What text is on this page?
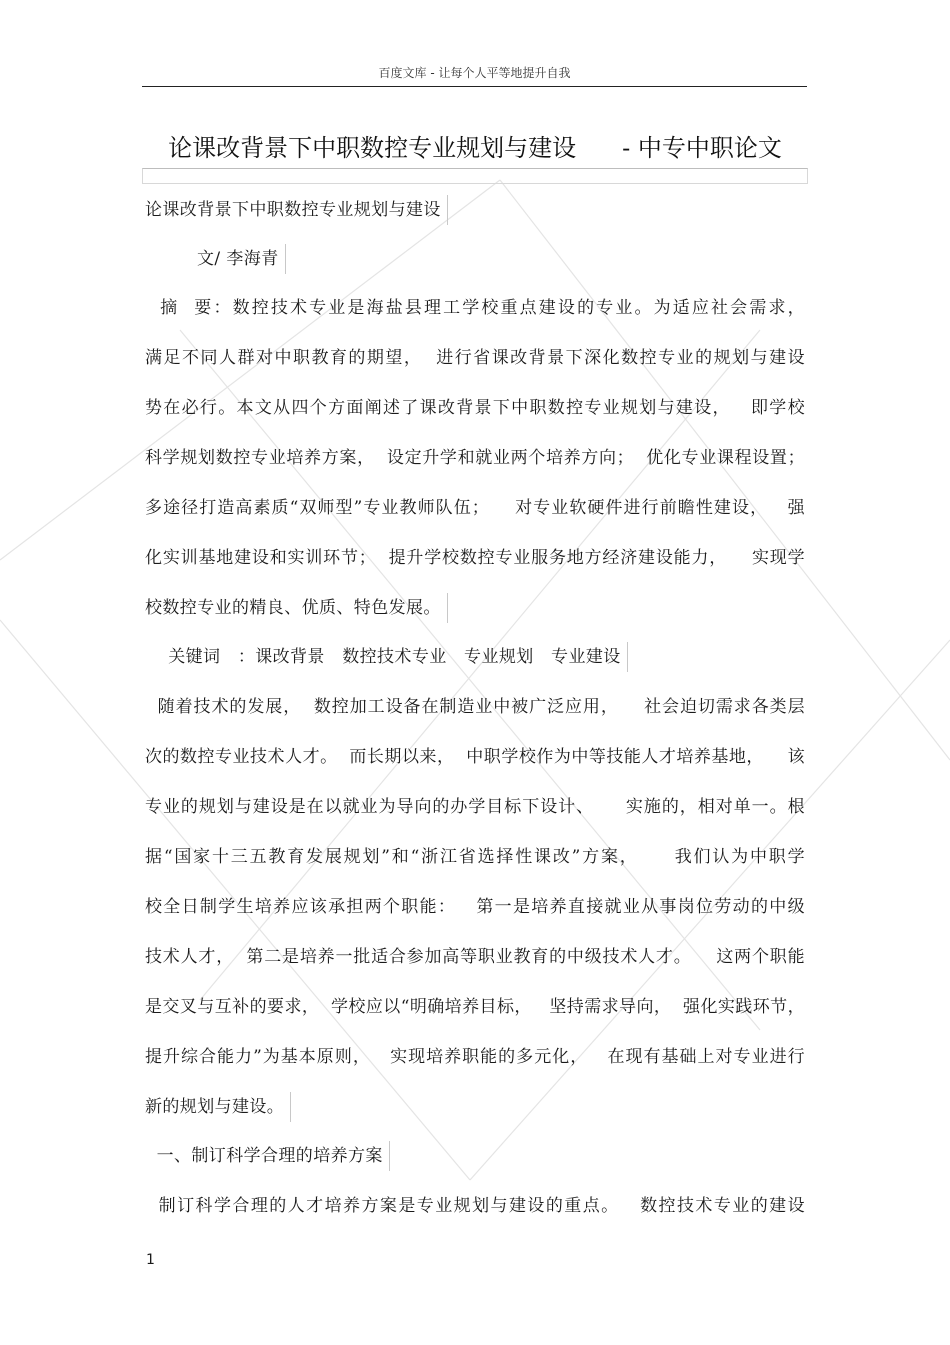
百度文库 - 让每个人平等地提升自我
论课改背景下中职数控专业规划与建设 - 中专中职论文
论课改背景下中职数控专业规划与建设
文/ 李海青
摘  要：数控技术专业是海盐县理工学校重点建设的专业。为适应社会需求，
满足不同人群对中职教育的期望，  进行省课改背景下深化数控专业的规划与建设
势在必行。本文从四个方面阐述了课改背景下中职数控专业规划与建设，   即学校
科学规划数控专业培养方案，  设定升学和就业两个培养方向；  优化专业课程设置；
多途径打造高素质“双师型”专业教师队伍；    对专业软硬件进行前瞻性建设，   强
化实训基地建设和实训环节；  提升学校数控专业服务地方经济建设能力，    实现学
校数控专业的精良、优质、特色发展。
关键词   ：课改背景   数控技术专业   专业规划   专业建设
随着技术的发展，  数控加工设备在制造业中被广泛应用，    社会迫切需求各类层
次的数控专业技术人才。  而长期以来，  中职学校作为中等技能人才培养基地，    该
专业的规划与建设是在以就业为导向的办学目标下设计、     实施的，相对单一。根
据“国家十三五教育发展规划”和“浙江省选择性课改”方案，     我们认为中职学
校全日制学生培养应该承担两个职能：   第一是培养直接就业从事岗位劳动的中级
技术人才，  第二是培养一批适合参加高等职业教育的中级技术人才。    这两个职能
是交叉与互补的要求，  学校应以“明确培养目标，   坚持需求导向，  强化实践环节，
提升综合能力”为基本原则，   实现培养职能的多元化，   在现有基础上对专业进行
新的规划与建设。
一、制订科学合理的培养方案
制订科学合理的人才培养方案是专业规划与建设的重点。   数控技术专业的建设
1
